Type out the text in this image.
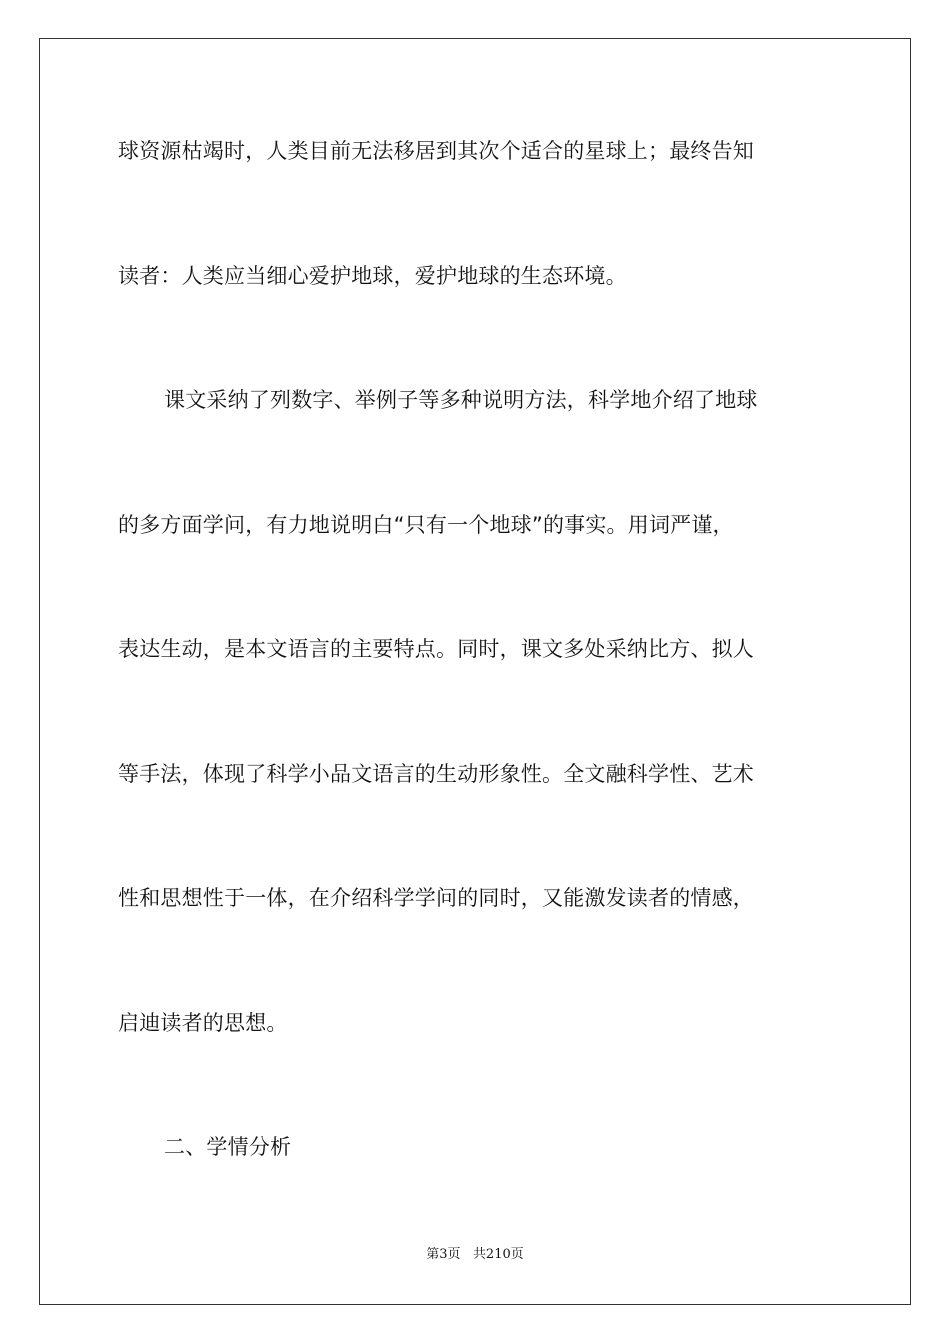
球资源枯竭时，人类目前无法移居到其次个适合的星球上；最终告知
读者：人类应当细心爱护地球，爱护地球的生态环境。
课文采纳了列数字、举例子等多种说明方法，科学地介绍了地球
的多方面学问，有力地说明白“只有一个地球”的事实。用词严谨，
表达生动，是本文语言的主要特点。同时，课文多处采纳比方、拟人
等手法，体现了科学小品文语言的生动形象性。全文融科学性、艺术
性和思想性于一体，在介绍科学学问的同时，又能激发读者的情感，
启迪读者的思想。
二、学情分析
第3页 共210页
